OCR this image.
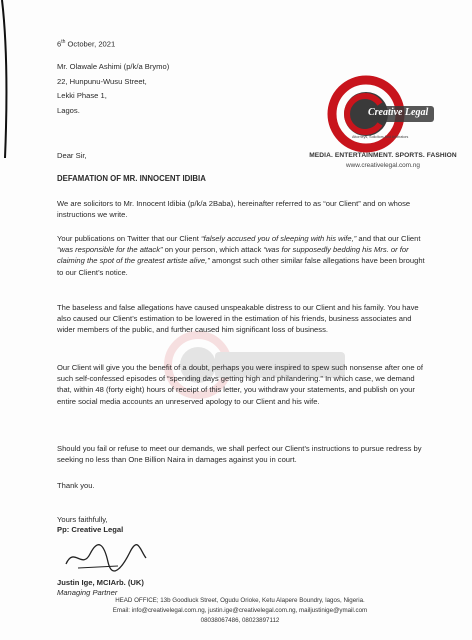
6th October, 2021
Mr. Olawale Ashimi (p/k/a Brymo)
22, Hunpunu-Wusu Street,
Lekki Phase 1,
Lagos.	Creative Legal
Attorneys, Solicitors And Arbitrators
MEDIA. ENTERTAINMENT. SPORTS. FASHION
www.creativelegal.com.ng
Dear Sir,
DEFAMATION OF MR. INNOCENT IDIBIA
We are solicitors to Mr. Innocent Idibia (p/k/a 2Baba), hereinafter referred to as “our Client” and on whose instructions we write.
Your publications on Twitter that our Client “falsely accused you of sleeping with his wife,” and that our Client “was responsible for the attack” on your person, which attack “was for supposedly bedding his Mrs. or for claiming the spot of the greatest artiste alive,” amongst such other similar false allegations have been brought to our Client’s notice.
The baseless and false allegations have caused unspeakable distress to our Client and his family. You have also caused our Client’s estimation to be lowered in the estimation of his friends, business associates and wider members of the public, and further caused him significant loss of business.
Our Client will give you the benefit of a doubt, perhaps you were inspired to spew such nonsense after one of such self-confessed episodes of “spending days getting high and philandering.” In which case, we demand that, within 48 (forty eight) hours of receipt of this letter, you withdraw your statements, and publish on your entire social media accounts an unreserved apology to our Client and his wife.
Should you fail or refuse to meet our demands, we shall perfect our Client’s instructions to pursue redress by seeking no less than One Billion Naira in damages against you in court.
Thank you.
Yours faithfully,
Pp: Creative Legal
Justin Ige, MCIArb. (UK)
Managing Partner
HEAD OFFICE; 13b Goodluck Street, Ogudu Orioke, Ketu Alapere Boundry, lagos, Nigeria.
Email: info@creativelegal.com.ng, justin.ige@creativelegal.com.ng, mailjustinige@ymail.com
08038067486, 08023897112
